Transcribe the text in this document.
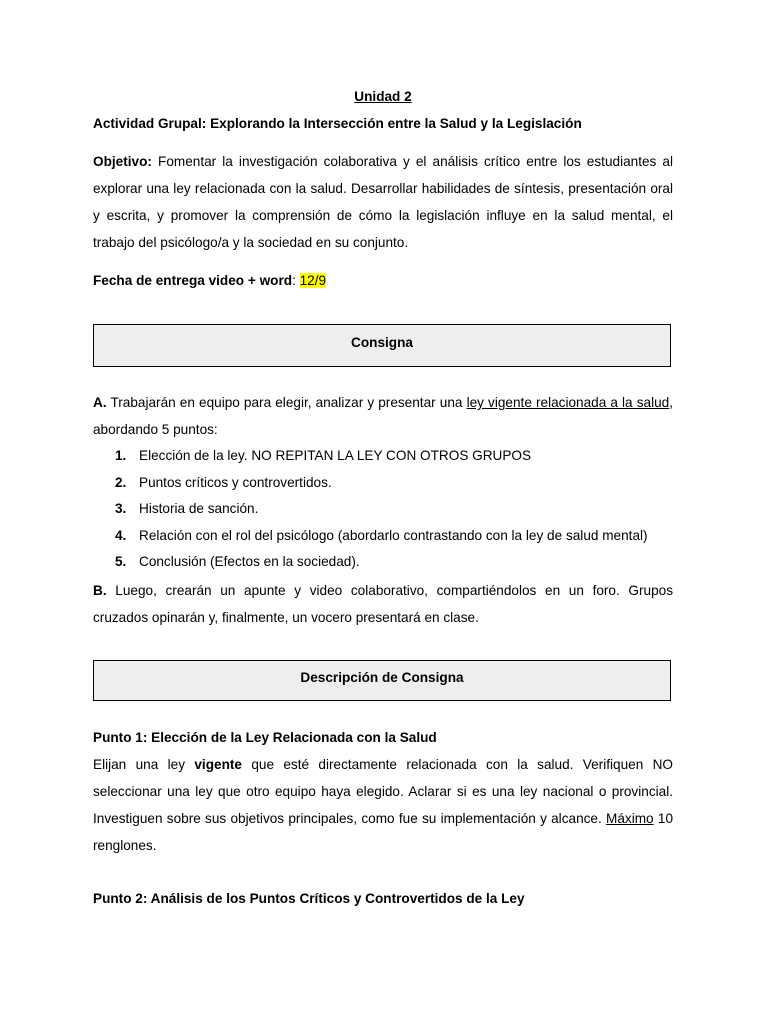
Unidad 2

Actividad Grupal: Explorando la Intersección entre la Salud y la Legislación

Objetivo: Fomentar la investigación colaborativa y el análisis crítico entre los estudiantes al explorar una ley relacionada con la salud. Desarrollar habilidades de síntesis, presentación oral y escrita, y promover la comprensión de cómo la legislación influye en la salud mental, el trabajo del psicólogo/a y la sociedad en su conjunto.

Fecha de entrega video + word: 12/9

Consigna

A. Trabajarán en equipo para elegir, analizar y presentar una ley vigente relacionada a la salud, abordando 5 puntos:

1. Elección de la ley. NO REPITAN LA LEY CON OTROS GRUPOS
2. Puntos críticos y controvertidos.
3. Historia de sanción.
4. Relación con el rol del psicólogo (abordarlo contrastando con la ley de salud mental)
5. Conclusión (Efectos en la sociedad).

B. Luego, crearán un apunte y video colaborativo, compartiéndolos en un foro. Grupos cruzados opinarán y, finalmente, un vocero presentará en clase.

Descripción de Consigna

Punto 1: Elección de la Ley Relacionada con la Salud

Elijan una ley vigente que esté directamente relacionada con la salud. Verifiquen NO seleccionar una ley que otro equipo haya elegido. Aclarar si es una ley nacional o provincial. Investiguen sobre sus objetivos principales, como fue su implementación y alcance. Máximo 10 renglones.

Punto 2: Análisis de los Puntos Críticos y Controvertidos de la Ley
